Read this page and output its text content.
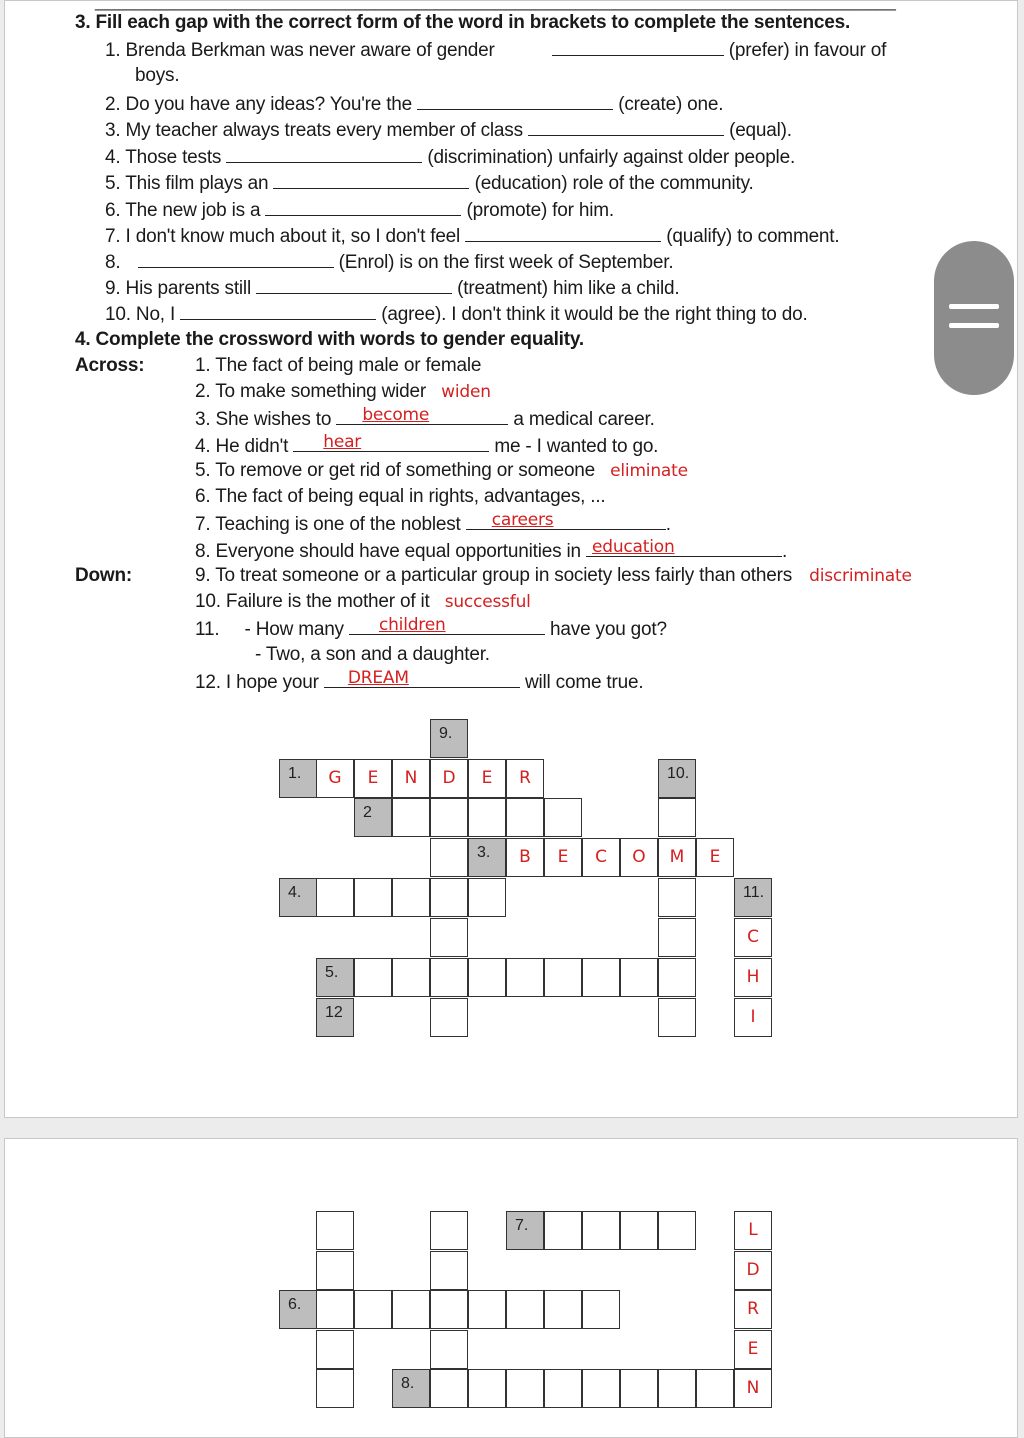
________________________________________________________________________________
3. Fill each gap with the correct form of the word in brackets to complete the sentences.
1. Brenda Berkman was never aware of gender	(prefer) in favour of
boys.
2. Do you have any ideas? You're the	(create) one.
3. My teacher always treats every member of class	(equal).
4. Those tests	(discrimination) unfairly against older people.
5. This film plays an	(education) role of the community.
6. The new job is a	(promote) for him.
7. I don't know much about it, so I don't feel	(qualify) to comment.
8.	(Enrol) is on the first week of September.
9. His parents still	(treatment) him like a child.
10. No, I	(agree). I don't think it would be the right thing to do.
4. Complete the crossword with words to gender equality.
Across:	1. The fact of being male or female
2. To make something wider widen
3. She wishes to become	a medical career.
4. He didn't hear	me - I wanted to go.
5. To remove or get rid of something or someone eliminate
6. The fact of being equal in rights, advantages, ...
7. Teaching is one of the noblest careers	.
8. Everyone should have equal opportunities in education	.
Down:	9. To treat someone or a particular group in society less fairly than others discriminate
10. Failure is the mother of it successful
11. - How many children	have you got?
- Two, a son and a daughter.
12. I hope your DREAM	will come true.
9.
1.	G	E	N	D	E	R	10.
2
3.	B	E	C	O	M	E
4.	11.
C
5.	H
12	I
7.	L
D
6.	R
E
8.	N
